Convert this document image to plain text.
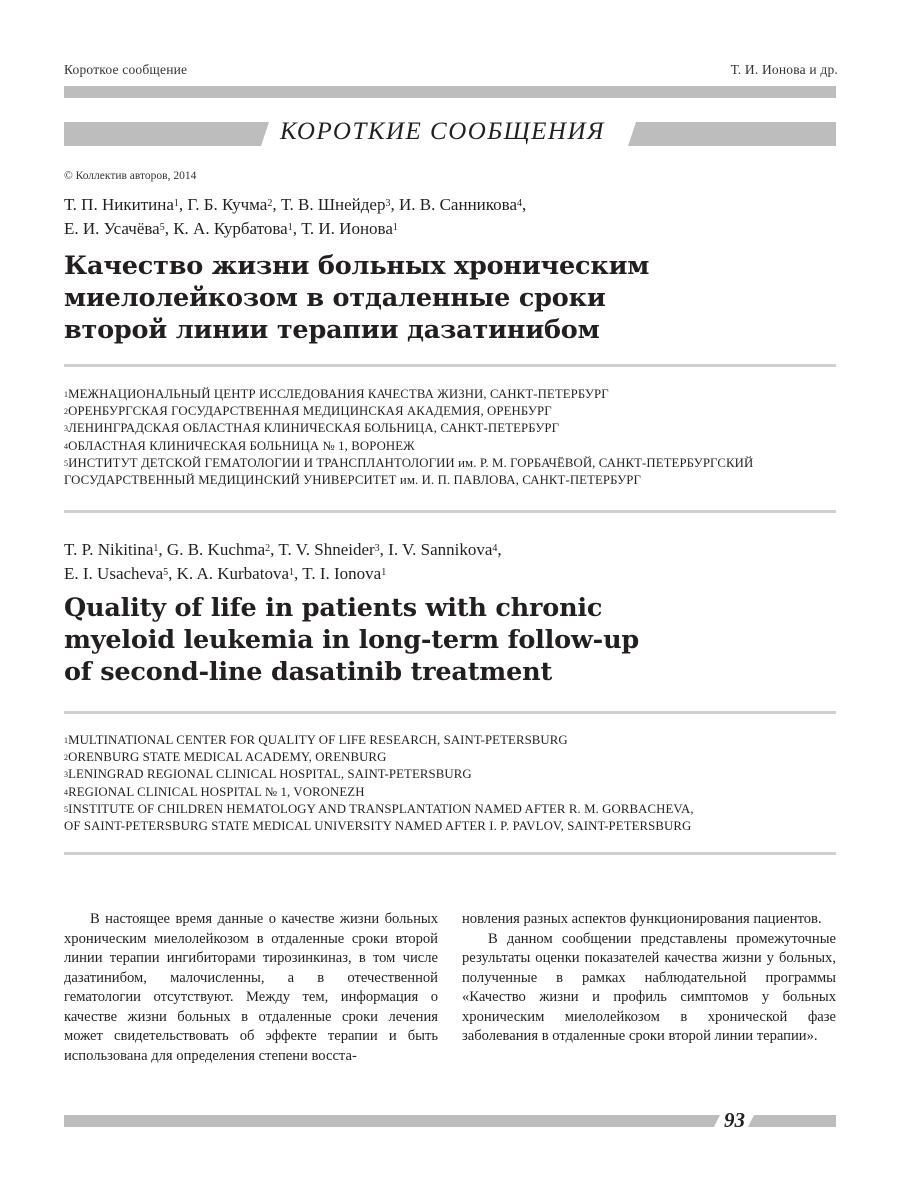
Короткое сообщение	Т. И. Ионова и др.
КОРОТКИЕ СООБЩЕНИЯ
© Коллектив авторов, 2014
Т. П. Никитина$^1$, Г. Б. Кучма$^2$, Т. В. Шнейдер$^3$, И. В. Санникова$^4$,
Е. И. Усачёва$^5$, К. А. Курбатова$^1$, Т. И. Ионова$^1$
Качество жизни больных хроническим
миелолейкозом в отдаленные сроки
второй линии терапии дазатинибом
$^1$МЕЖНАЦИОНАЛЬНЫЙ ЦЕНТР ИССЛЕДОВАНИЯ КАЧЕСТВА ЖИЗНИ, САНКТ-ПЕТЕРБУРГ
$^2$ОРЕНБУРГСКАЯ ГОСУДАРСТВЕННАЯ МЕДИЦИНСКАЯ АКАДЕМИЯ, ОРЕНБУРГ
$^3$ЛЕНИНГРАДСКАЯ ОБЛАСТНАЯ КЛИНИЧЕСКАЯ БОЛЬНИЦА, САНКТ-ПЕТЕРБУРГ
$^4$ОБЛАСТНАЯ КЛИНИЧЕСКАЯ БОЛЬНИЦА № 1, ВОРОНЕЖ
$^5$ИНСТИТУТ ДЕТСКОЙ ГЕМАТОЛОГИИ И ТРАНСПЛАНТОЛОГИИ им. Р. М. ГОРБАЧЁВОЙ, САНКТ-ПЕТЕРБУРГСКИЙ
ГОСУДАРСТВЕННЫЙ МЕДИЦИНСКИЙ УНИВЕРСИТЕТ им. И. П. ПАВЛОВА, САНКТ-ПЕТЕРБУРГ
T. P. Nikitina$^1$, G. B. Kuchma$^2$, T. V. Shneider$^3$, I. V. Sannikova$^4$,
E. I. Usacheva$^5$, K. A. Kurbatova$^1$, T. I. Ionova$^1$
Quality of life in patients with chronic
myeloid leukemia in long-term follow-up
of second-line dasatinib treatment
$^1$MULTINATIONAL CENTER FOR QUALITY OF LIFE RESEARCH, SAINT-PETERSBURG
$^2$ORENBURG STATE MEDICAL ACADEMY, ORENBURG
$^3$LENINGRAD REGIONAL CLINICAL HOSPITAL, SAINT-PETERSBURG
$^4$REGIONAL CLINICAL HOSPITAL № 1, VORONEZH
$^5$INSTITUTE OF CHILDREN HEMATOLOGY AND TRANSPLANTATION NAMED AFTER R. M. GORBACHEVA,
OF SAINT-PETERSBURG STATE MEDICAL UNIVERSITY NAMED AFTER I. P. PAVLOV, SAINT-PETERSBURG

В настоящее время данные о качестве жизни больных хроническим миелолейкозом в отдаленные сроки второй линии терапии ингибиторами тирозинкиназ, в том числе дазатинибом, малочисленны, а в отечественной гематологии отсутствуют. Между тем, информация о качестве жизни больных в отдаленные сроки лечения может свидетельствовать об эффекте терапии и быть использована для определения степени восста-

новления разных аспектов функционирования пациентов.

В данном сообщении представлены промежуточные результаты оценки показателей качества жизни у больных, полученные в рамках наблюдательной программы «Качество жизни и профиль симптомов у больных хроническим миелолейкозом в хронической фазе заболевания в отдаленные сроки второй линии терапии».

93
